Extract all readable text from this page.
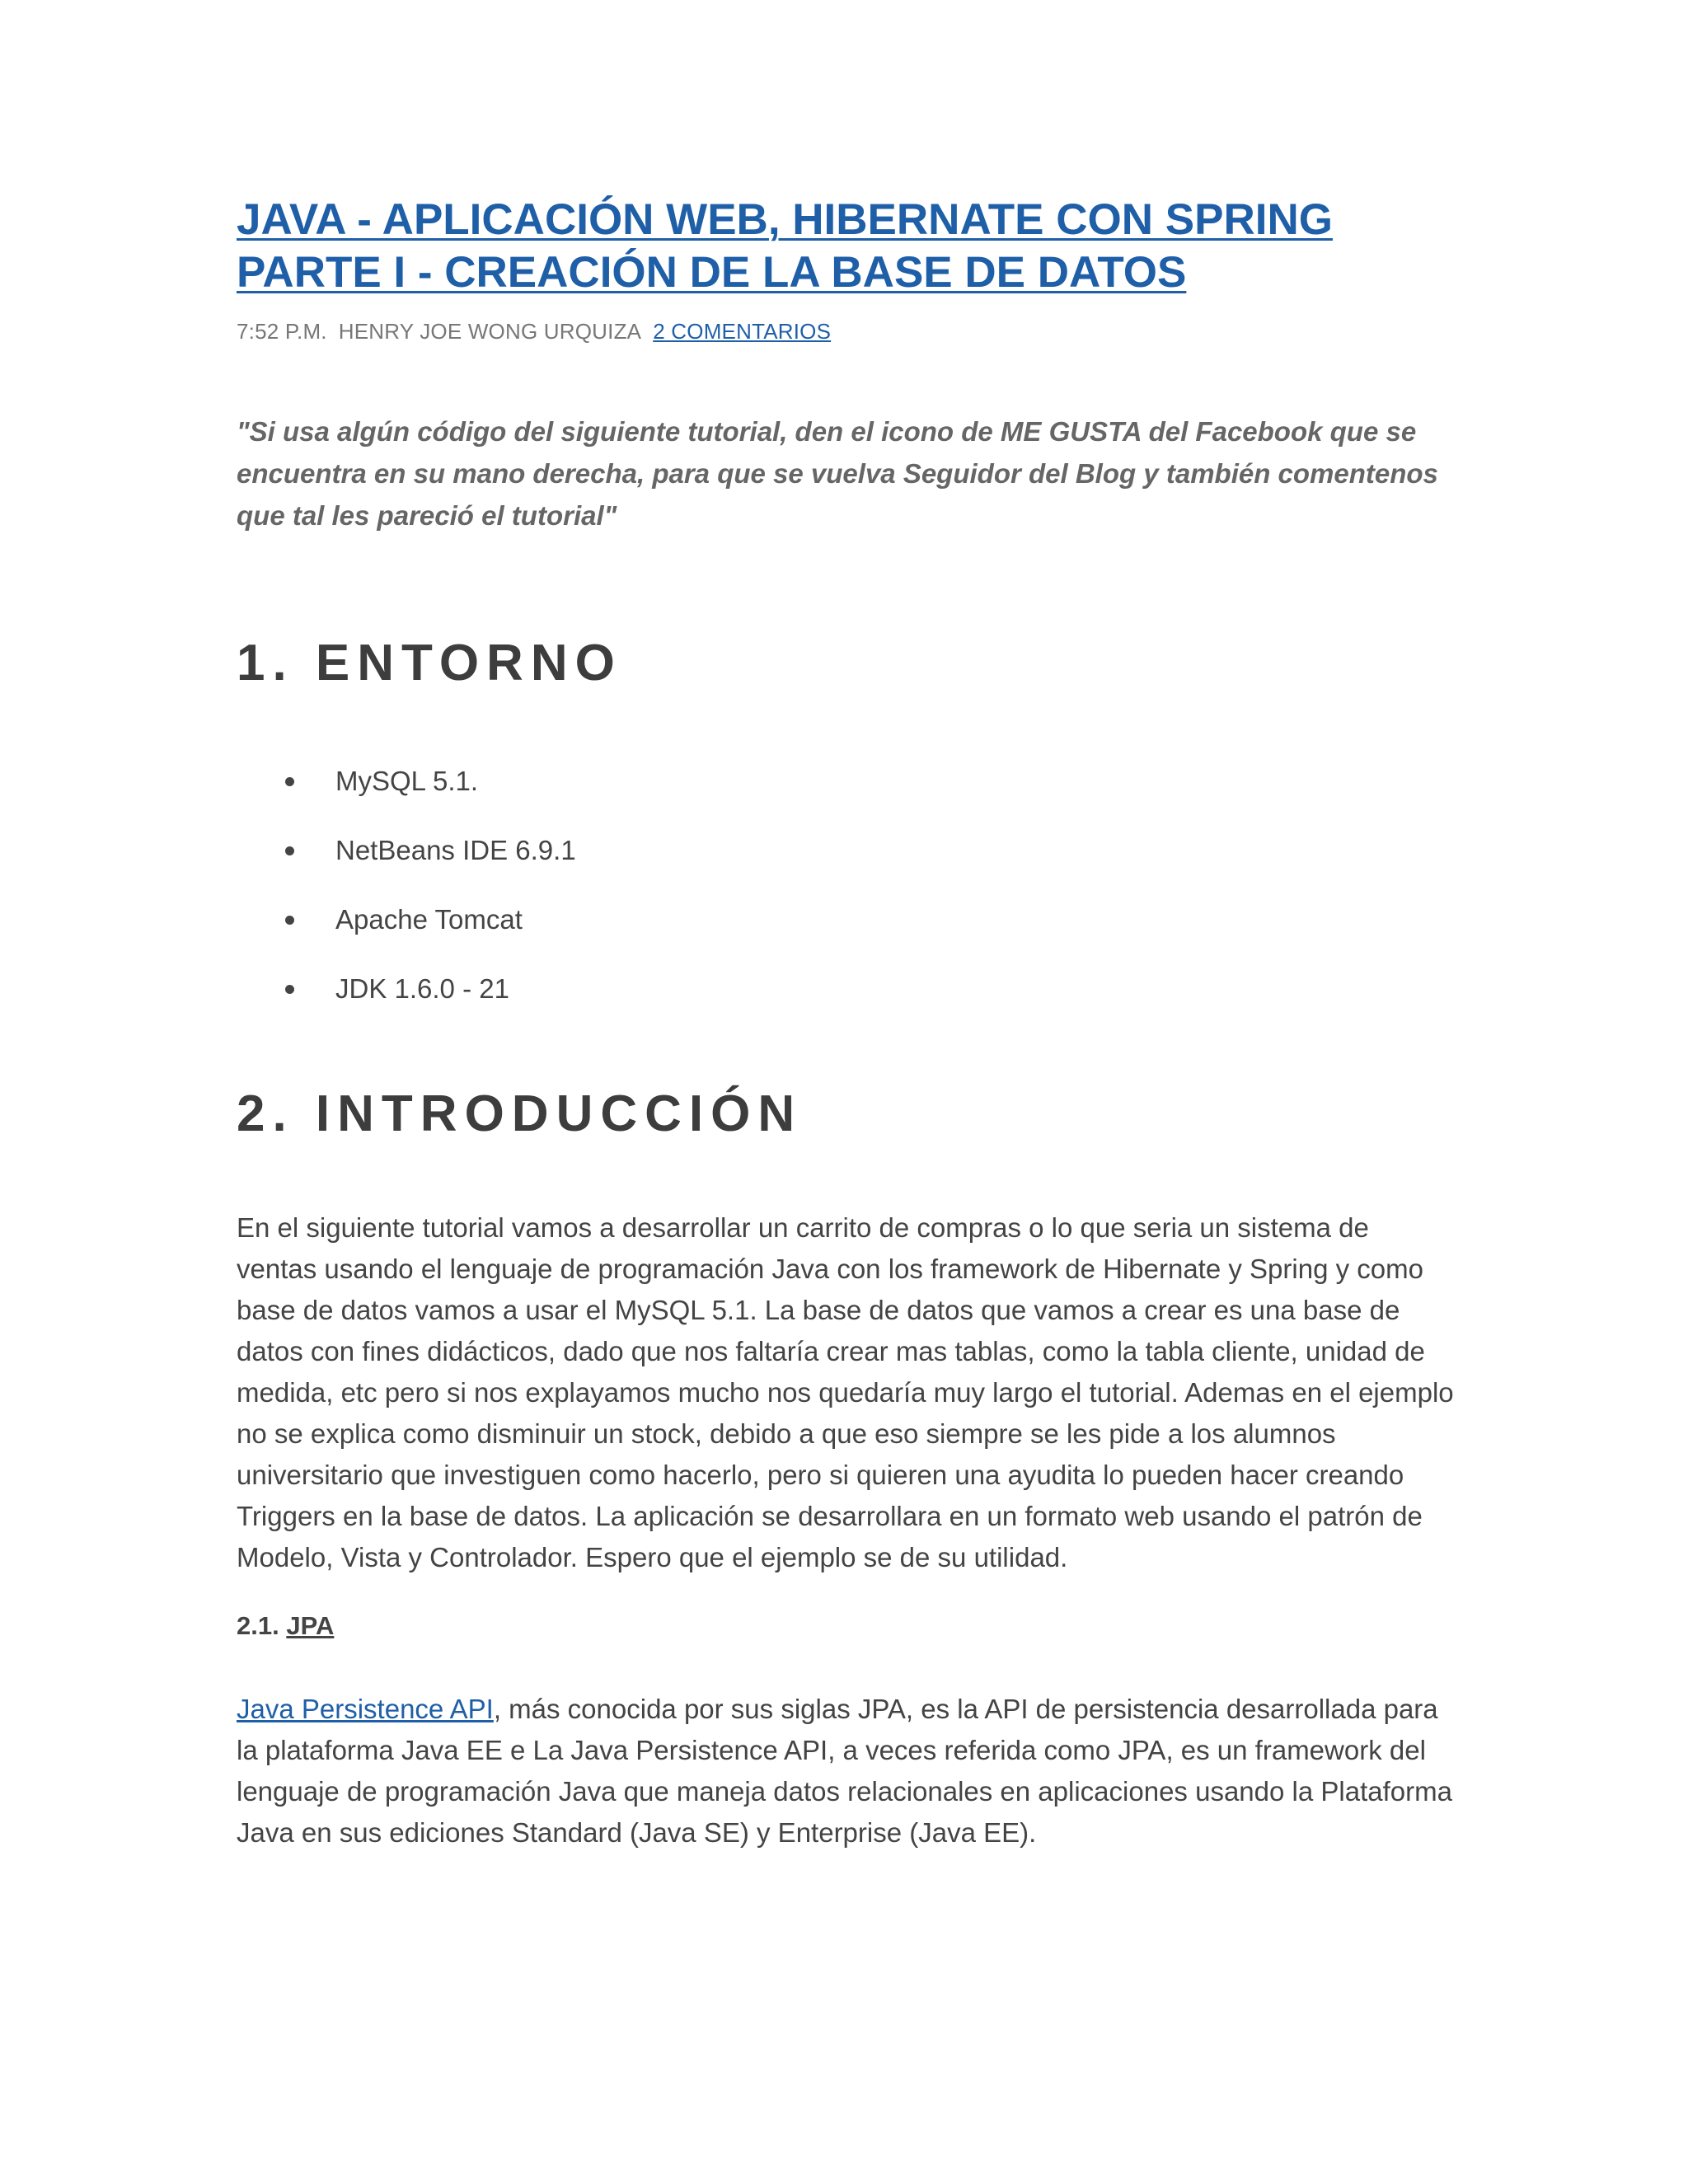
JAVA - APLICACIÓN WEB, HIBERNATE CON SPRING
PARTE I - CREACIÓN DE LA BASE DE DATOS
7:52 P.M. HENRY JOE WONG URQUIZA 2 COMENTARIOS
"Si usa algún código del siguiente tutorial, den el icono de ME GUSTA del Facebook que se encuentra en su mano derecha, para que se vuelva Seguidor del Blog y también comentenos que tal les pareció el tutorial"
1. ENTORNO
MySQL 5.1.
NetBeans IDE 6.9.1
Apache Tomcat
JDK 1.6.0 - 21
2. INTRODUCCIÓN

En el siguiente tutorial vamos a desarrollar un carrito de compras o lo que seria un sistema de ventas usando el lenguaje de programación Java con los framework de Hibernate y Spring y como base de datos vamos a usar el MySQL 5.1. La base de datos que vamos a crear es una base de datos con fines didácticos, dado que nos faltaría crear mas tablas, como la tabla cliente, unidad de medida, etc pero si nos explayamos mucho nos quedaría muy largo el tutorial. Ademas en el ejemplo no se explica como disminuir un stock, debido a que eso siempre se les pide a los alumnos universitario que investiguen como hacerlo, pero si quieren una ayudita lo pueden hacer creando Triggers en la base de datos. La aplicación se desarrollara en un formato web usando el patrón de Modelo, Vista y Controlador. Espero que el ejemplo se de su utilidad.

2.1. JPA

Java Persistence API, más conocida por sus siglas JPA, es la API de persistencia desarrollada para la plataforma Java EE e La Java Persistence API, a veces referida como JPA, es un framework del lenguaje de programación Java que maneja datos relacionales en aplicaciones usando la Plataforma Java en sus ediciones Standard (Java SE) y Enterprise (Java EE).
